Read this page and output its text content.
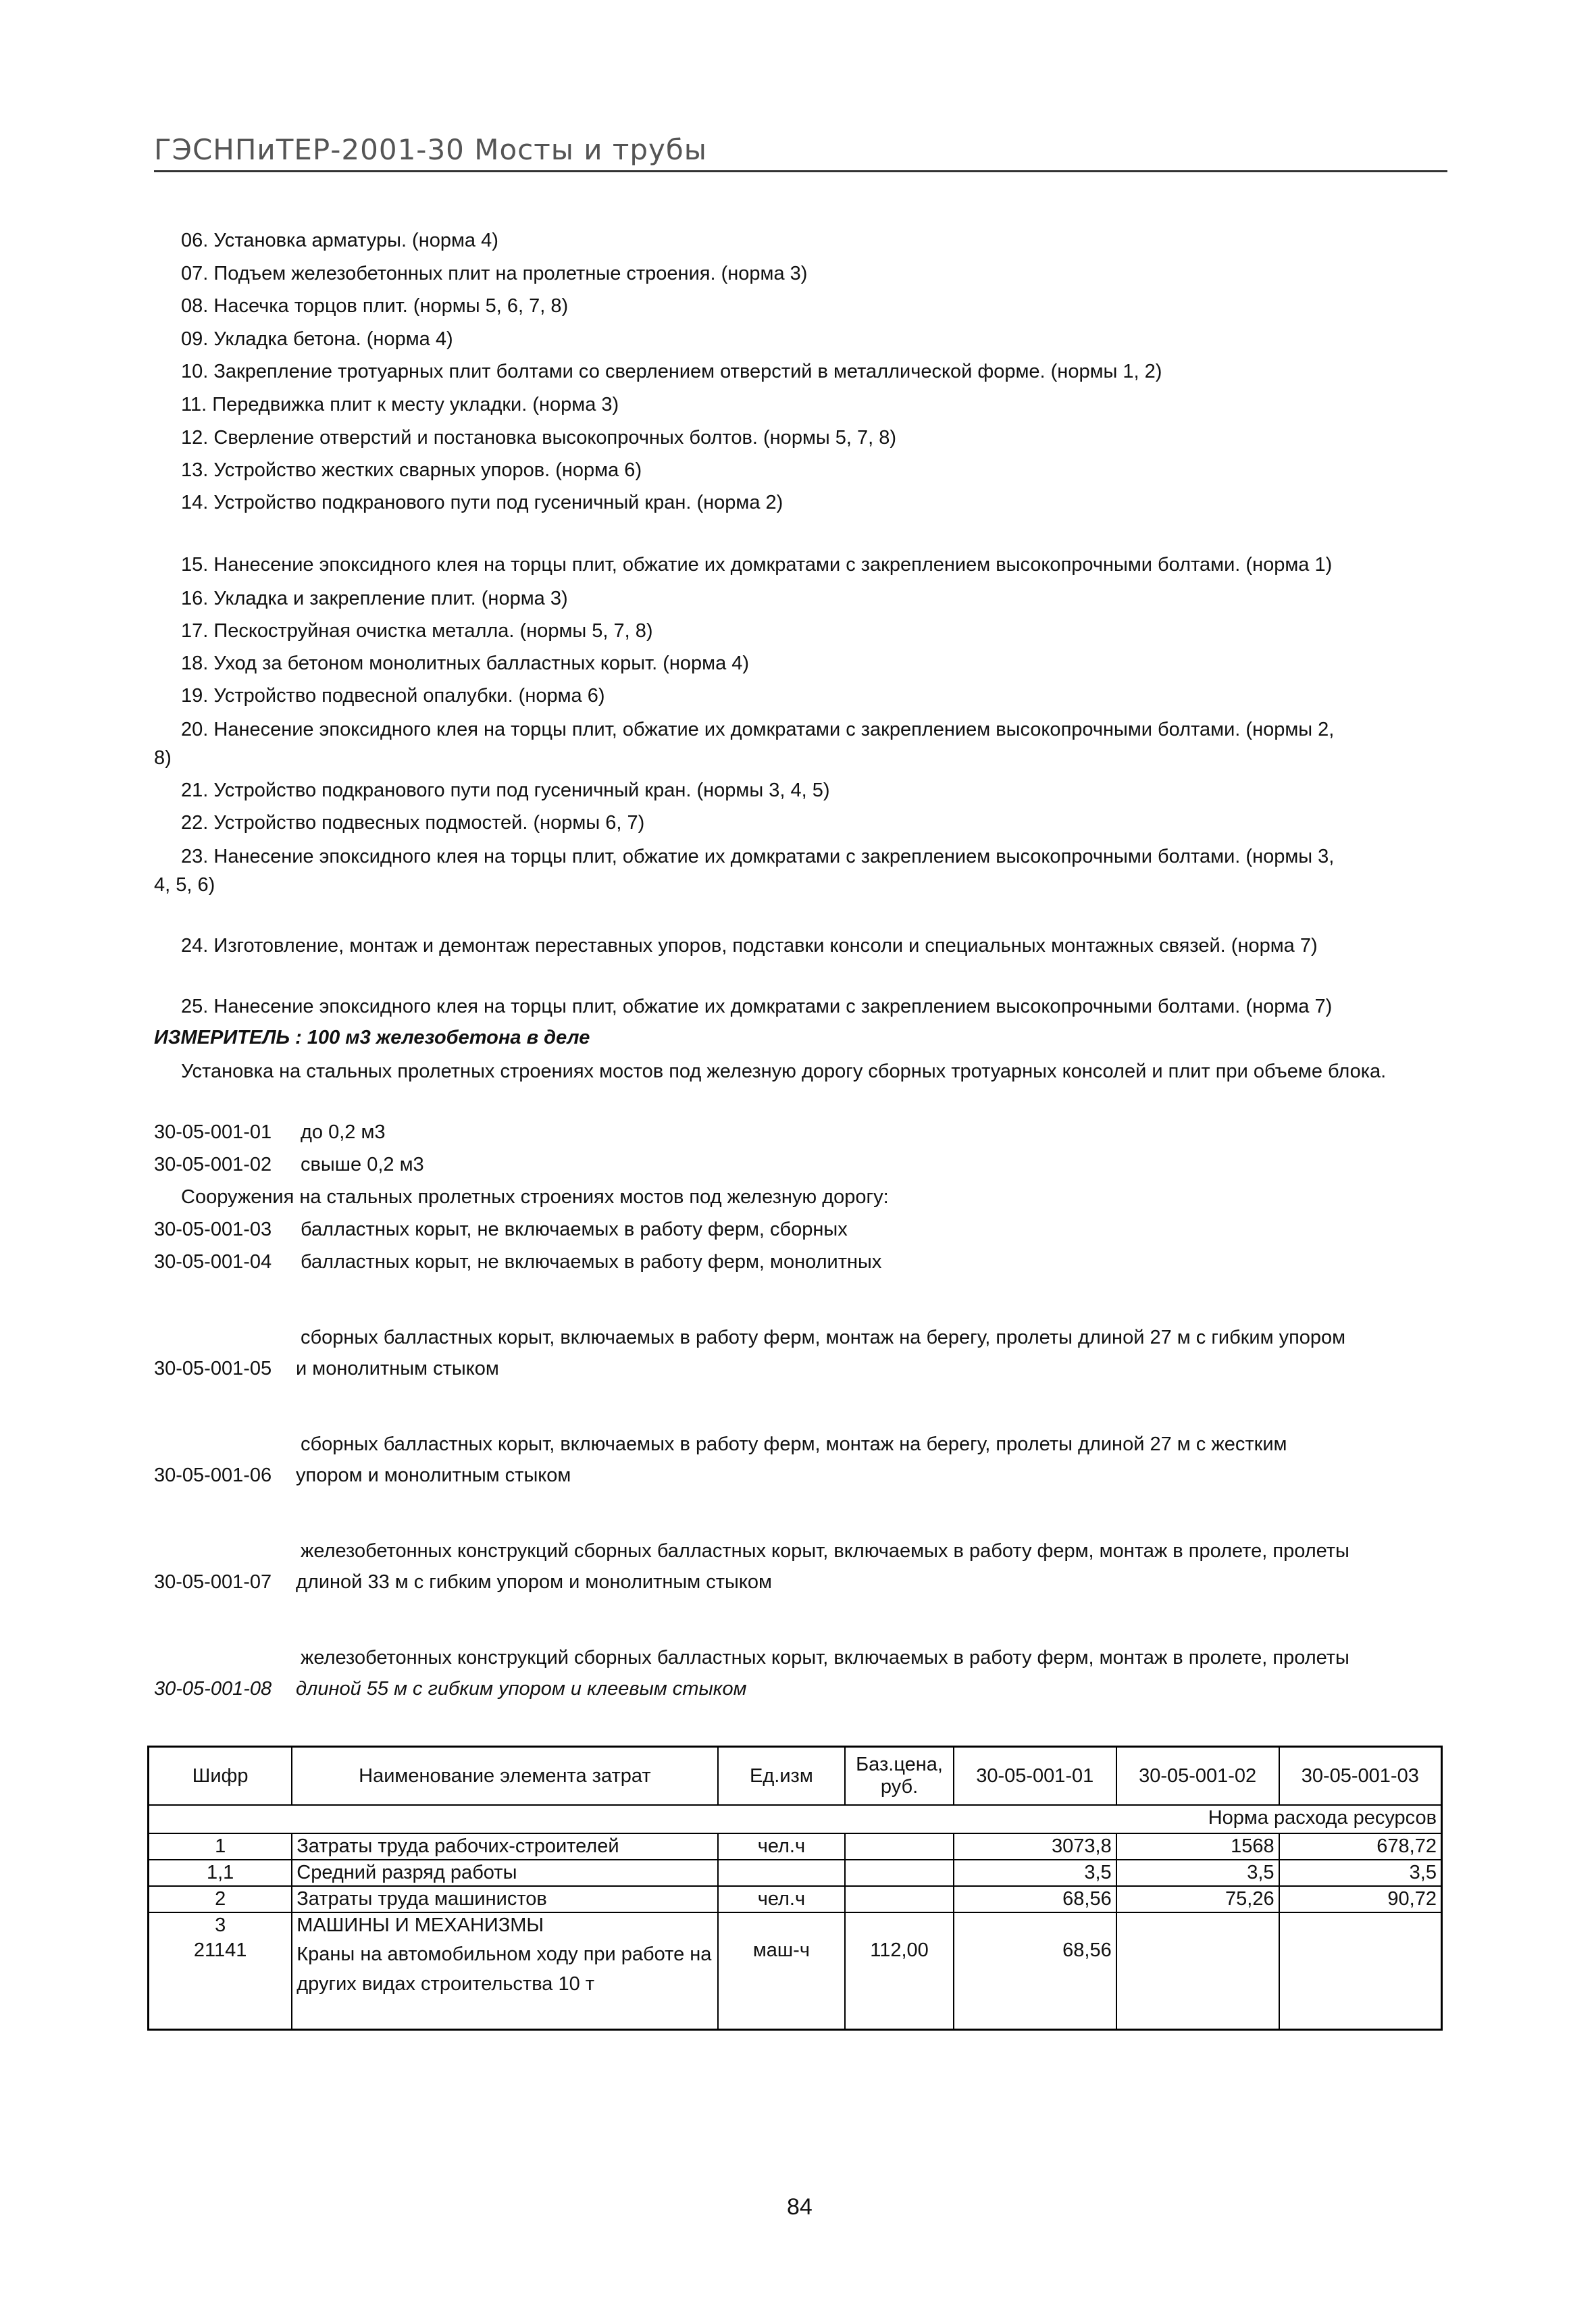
ГЭСНПиТЕР-2001-30 Мосты и трубы
06. Установка арматуры. (норма 4)
07. Подъем железобетонных плит на пролетные строения. (норма 3)
08. Насечка торцов плит. (нормы 5, 6, 7, 8)
09. Укладка бетона. (норма 4)
10. Закрепление тротуарных плит болтами со сверлением отверстий в металлической форме. (нормы 1, 2)
11. Передвижка плит к месту укладки. (норма 3)
12. Сверление отверстий и постановка высокопрочных болтов. (нормы 5, 7, 8)
13. Устройство жестких сварных упоров. (норма 6)
14. Устройство подкранового пути под гусеничный кран. (норма 2)
15. Нанесение эпоксидного клея на торцы плит, обжатие их домкратами с закреплением высокопрочными болтами. (норма 1)
16. Укладка и закрепление плит. (норма 3)
17. Пескоструйная очистка металла. (нормы 5, 7, 8)
18. Уход за бетоном монолитных балластных корыт. (норма 4)
19. Устройство подвесной опалубки. (норма 6)
20. Нанесение эпоксидного клея на торцы плит, обжатие их домкратами с закреплением высокопрочными болтами. (нормы 2,
8)
21. Устройство подкранового пути под гусеничный кран. (нормы 3, 4, 5)
22. Устройство подвесных подмостей. (нормы 6, 7)
23. Нанесение эпоксидного клея на торцы плит, обжатие их домкратами с закреплением высокопрочными болтами. (нормы 3,
4, 5, 6)
24. Изготовление, монтаж и демонтаж переставных упоров, подставки консоли и специальных монтажных связей. (норма 7)
25. Нанесение эпоксидного клея на торцы плит, обжатие их домкратами с закреплением высокопрочными болтами. (норма 7)
ИЗМЕРИТЕЛЬ : 100 м3 железобетона в деле
Установка на стальных пролетных строениях мостов под железную дорогу сборных тротуарных консолей и плит при объеме блока.
30-05-001-01 до 0,2 м3
30-05-001-02 свыше 0,2 м3
Сооружения на стальных пролетных строениях мостов под железную дорогу:
30-05-001-03 балластных корыт, не включаемых в работу ферм, сборных
30-05-001-04 балластных корыт, не включаемых в работу ферм, монолитных
сборных балластных корыт, включаемых в работу ферм, монтаж на берегу, пролеты длиной 27 м с гибким упором
30-05-001-05 и монолитным стыком
сборных балластных корыт, включаемых в работу ферм, монтаж на берегу, пролеты длиной 27 м с жестким
30-05-001-06 упором и монолитным стыком
железобетонных конструкций сборных балластных корыт, включаемых в работу ферм, монтаж в пролете, пролеты
30-05-001-07 длиной 33 м с гибким упором и монолитным стыком
железобетонных конструкций сборных балластных корыт, включаемых в работу ферм, монтаж в пролете, пролеты
30-05-001-08 длиной 55 м с гибким упором и клеевым стыком
Шифр	Наименование элемента затрат	Ед.изм	Баз.цена, руб.	30-05-001-01	30-05-001-02	30-05-001-03
Норма расхода ресурсов						
1	Затраты труда рабочих-строителей	чел.ч		3073,8	1568	678,72
1,1	Средний разряд работы			3,5	3,5	3,5
2	Затраты труда машинистов	чел.ч		68,56	75,26	90,72
3	МАШИНЫ И МЕХАНИЗМЫ					
21141	Краны на автомобильном ходу при работе на других видах строительства 10 т	маш-ч	112,00	68,56		
84
